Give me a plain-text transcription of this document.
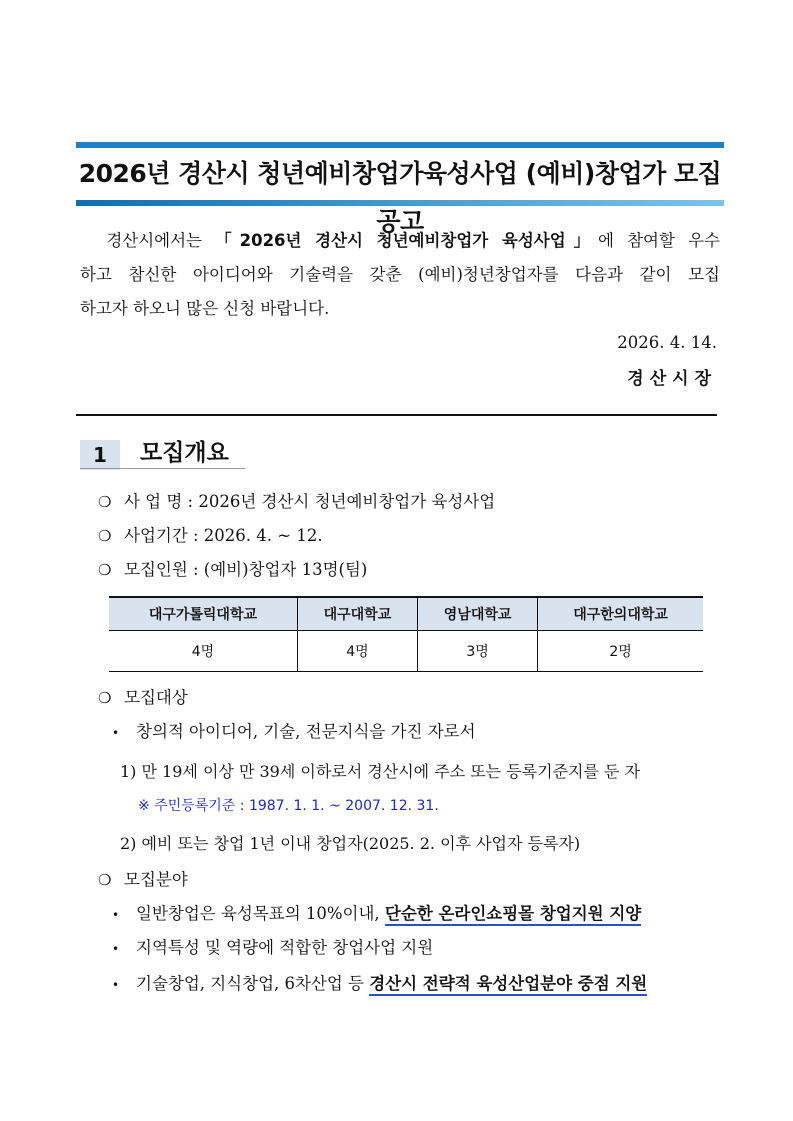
2026년 경산시 청년예비창업가육성사업 (예비)창업가 모집 공고
경산시에서는 「2026년 경산시 청년예비창업가 육성사업」에 참여할 우수
하고 참신한 아이디어와 기술력을 갖춘 (예비)청년창업자를 다음과 같이 모집
하고자 하오니 많은 신청 바랍니다.
2026. 4. 14.
경산시장
1	모집개요
❍ 사 업 명 : 2026년 경산시 청년예비창업가 육성사업
❍ 사업기간 : 2026. 4. ~ 12.
❍ 모집인원 : (예비)창업자 13명(팀)
대구가톨릭대학교	대구대학교	영남대학교	대구한의대학교
4명	4명	3명	2명
❍ 모집대상
• 창의적 아이디어, 기술, 전문지식을 가진 자로서
1) 만 19세 이상 만 39세 이하로서 경산시에 주소 또는 등록기준지를 둔 자
※ 주민등록기준 : 1987. 1. 1. ~ 2007. 12. 31.
2) 예비 또는 창업 1년 이내 창업자(2025. 2. 이후 사업자 등록자)
❍ 모집분야
• 일반창업은 육성목표의 10%이내, 단순한 온라인쇼핑몰 창업지원 지양
• 지역특성 및 역량에 적합한 창업사업 지원
• 기술창업, 지식창업, 6차산업 등 경산시 전략적 육성산업분야 중점 지원
